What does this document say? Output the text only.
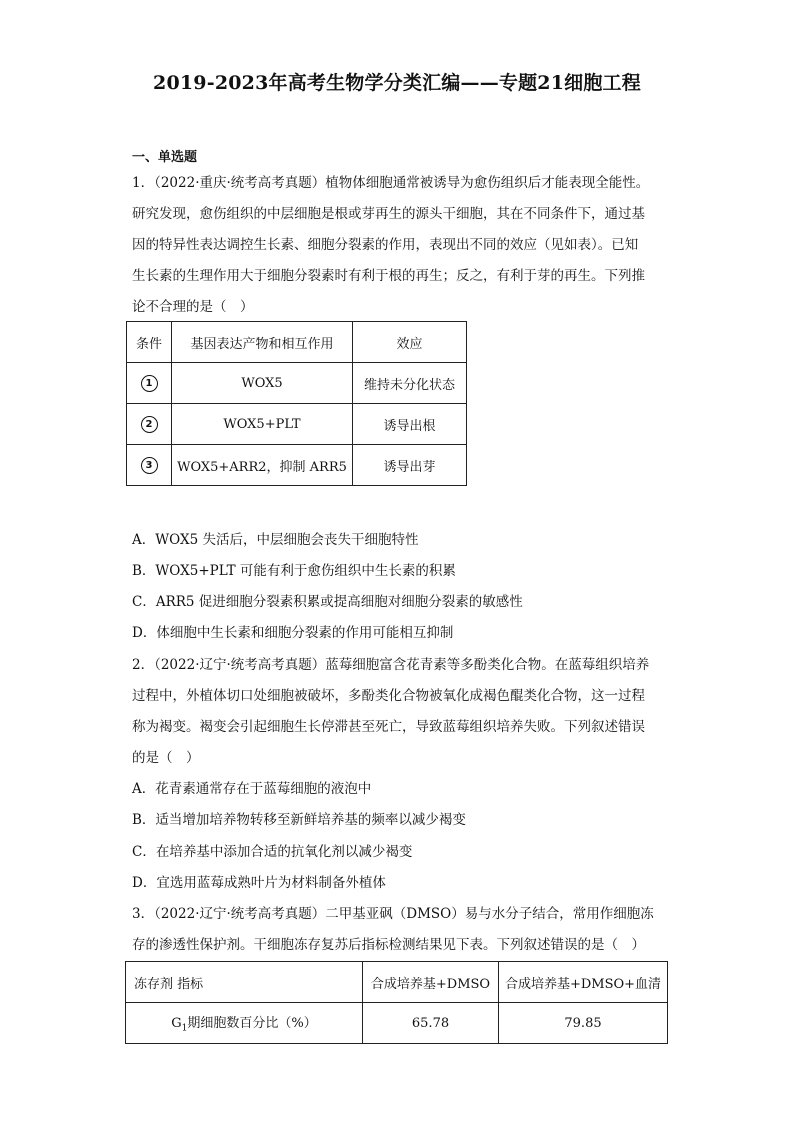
2019-2023年高考生物学分类汇编——专题21细胞工程
一、单选题
1．（2022·重庆·统考高考真题）植物体细胞通常被诱导为愈伤组织后才能表现全能性。
研究发现，愈伤组织的中层细胞是根或芽再生的源头干细胞，其在不同条件下，通过基
因的特异性表达调控生长素、细胞分裂素的作用，表现出不同的效应（见如表）。已知
生长素的生理作用大于细胞分裂素时有利于根的再生；反之，有利于芽的再生。下列推
论不合理的是（　）
条件	基因表达产物和相互作用	效应
1	WOX5	维持未分化状态
2	WOX5+PLT	诱导出根
3	WOX5+ARR2，抑制 ARR5	诱导出芽
A．WOX5 失活后，中层细胞会丧失干细胞特性
B．WOX5+PLT 可能有利于愈伤组织中生长素的积累
C．ARR5 促进细胞分裂素积累或提高细胞对细胞分裂素的敏感性
D．体细胞中生长素和细胞分裂素的作用可能相互抑制
2．（2022·辽宁·统考高考真题）蓝莓细胞富含花青素等多酚类化合物。在蓝莓组织培养
过程中，外植体切口处细胞被破坏，多酚类化合物被氧化成褐色醌类化合物，这一过程
称为褐变。褐变会引起细胞生长停滞甚至死亡，导致蓝莓组织培养失败。下列叙述错误
的是（　）
A．花青素通常存在于蓝莓细胞的液泡中
B．适当增加培养物转移至新鲜培养基的频率以减少褐变
C．在培养基中添加合适的抗氧化剂以减少褐变
D．宜选用蓝莓成熟叶片为材料制备外植体
3．（2022·辽宁·统考高考真题）二甲基亚砜（DMSO）易与水分子结合，常用作细胞冻
存的渗透性保护剂。干细胞冻存复苏后指标检测结果见下表。下列叙述错误的是（　）
冻存剂 指标	合成培养基+DMSO	合成培养基+DMSO+血清
$G_1$期细胞数百分比（%）	65.78	79.85
